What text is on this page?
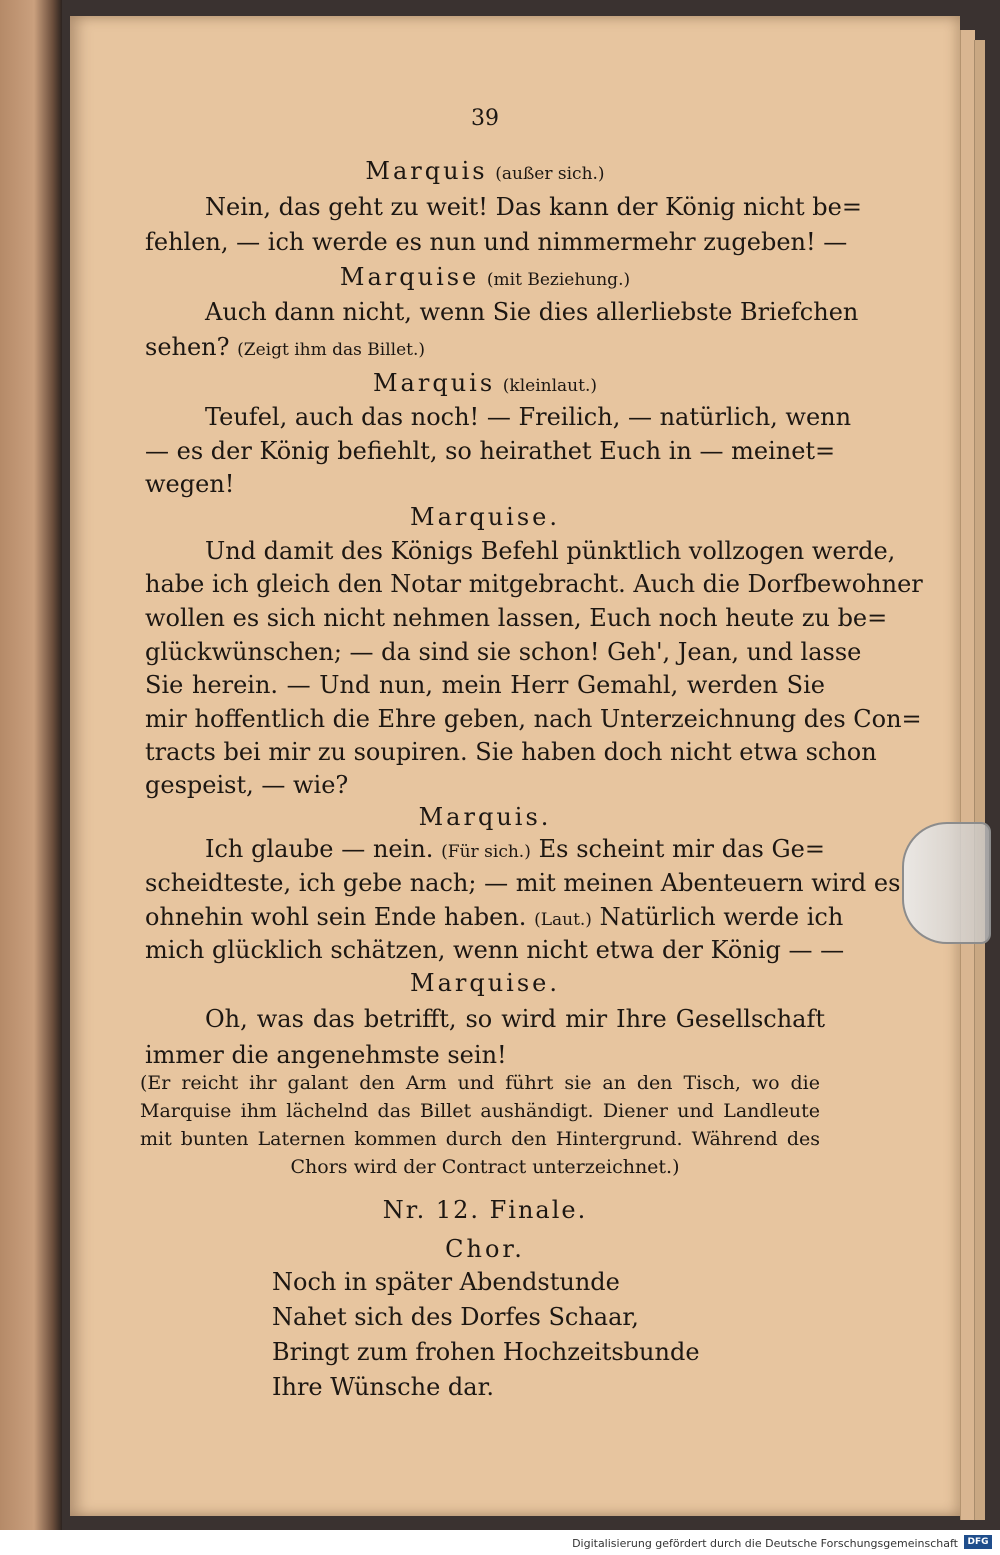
39
Marquis (außer sich.)
Nein, das geht zu weit! Das kann der König nicht be=
fehlen, — ich werde es nun und nimmermehr zugeben! —
Marquise (mit Beziehung.)
Auch dann nicht, wenn Sie dies allerliebste Briefchen
sehen? (Zeigt ihm das Billet.)
Marquis (kleinlaut.)
Teufel, auch das noch! — Freilich, — natürlich, wenn
— es der König befiehlt, so heirathet Euch in — meinet=
wegen!
Marquise.
Und damit des Königs Befehl pünktlich vollzogen werde,
habe ich gleich den Notar mitgebracht. Auch die Dorfbewohner
wollen es sich nicht nehmen lassen, Euch noch heute zu be=
glückwünschen; — da sind sie schon! Geh', Jean, und lasse
Sie herein. — Und nun, mein Herr Gemahl, werden Sie
mir hoffentlich die Ehre geben, nach Unterzeichnung des Con=
tracts bei mir zu soupiren. Sie haben doch nicht etwa schon
gespeist, — wie?
Marquis.
Ich glaube — nein. (Für sich.) Es scheint mir das Ge=
scheidteste, ich gebe nach; — mit meinen Abenteuern wird es
ohnehin wohl sein Ende haben. (Laut.) Natürlich werde ich
mich glücklich schätzen, wenn nicht etwa der König — —
Marquise.
Oh, was das betrifft, so wird mir Ihre Gesellschaft
immer die angenehmste sein!
(Er reicht ihr galant den Arm und führt sie an den Tisch, wo die
Marquise ihm lächelnd das Billet aushändigt. Diener und Landleute
mit bunten Laternen kommen durch den Hintergrund. Während des
Chors wird der Contract unterzeichnet.)
Nr. 12. Finale.
Chor.
Noch in später Abendstunde
Nahet sich des Dorfes Schaar,
Bringt zum frohen Hochzeitsbunde
Ihre Wünsche dar.
Digitalisierung gefördert durch die Deutsche Forschungsgemeinschaft	DFG
